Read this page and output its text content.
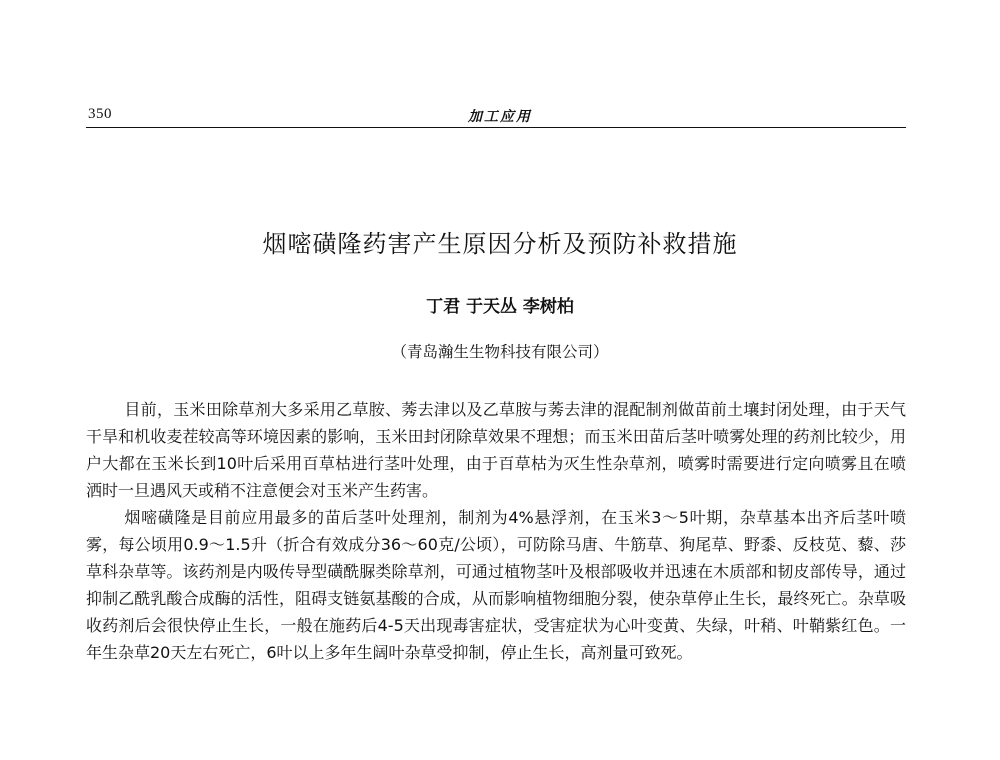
350	加工应用
烟嘧磺隆药害产生原因分析及预防补救措施
丁君 于天丛 李树柏
（青岛瀚生生物科技有限公司）

目前，玉米田除草剂大多采用乙草胺、莠去津以及乙草胺与莠去津的混配制剂做苗前土壤封闭处理，由于天气干旱和机收麦茬较高等环境因素的影响，玉米田封闭除草效果不理想；而玉米田苗后茎叶喷雾处理的药剂比较少，用户大都在玉米长到10叶后采用百草枯进行茎叶处理，由于百草枯为灭生性杂草剂，喷雾时需要进行定向喷雾且在喷洒时一旦遇风天或稍不注意便会对玉米产生药害。

烟嘧磺隆是目前应用最多的苗后茎叶处理剂，制剂为4%悬浮剂，在玉米3～5叶期，杂草基本出齐后茎叶喷雾，每公顷用0.9～1.5升（折合有效成分36～60克/公顷），可防除马唐、牛筋草、狗尾草、野黍、反枝苋、藜、莎草科杂草等。该药剂是内吸传导型磺酰脲类除草剂，可通过植物茎叶及根部吸收并迅速在木质部和韧皮部传导，通过抑制乙酰乳酸合成酶的活性，阻碍支链氨基酸的合成，从而影响植物细胞分裂，使杂草停止生长，最终死亡。杂草吸收药剂后会很快停止生长，一般在施药后4-5天出现毒害症状，受害症状为心叶变黄、失绿，叶稍、叶鞘紫红色。一年生杂草20天左右死亡，6叶以上多年生阔叶杂草受抑制，停止生长，高剂量可致死。
